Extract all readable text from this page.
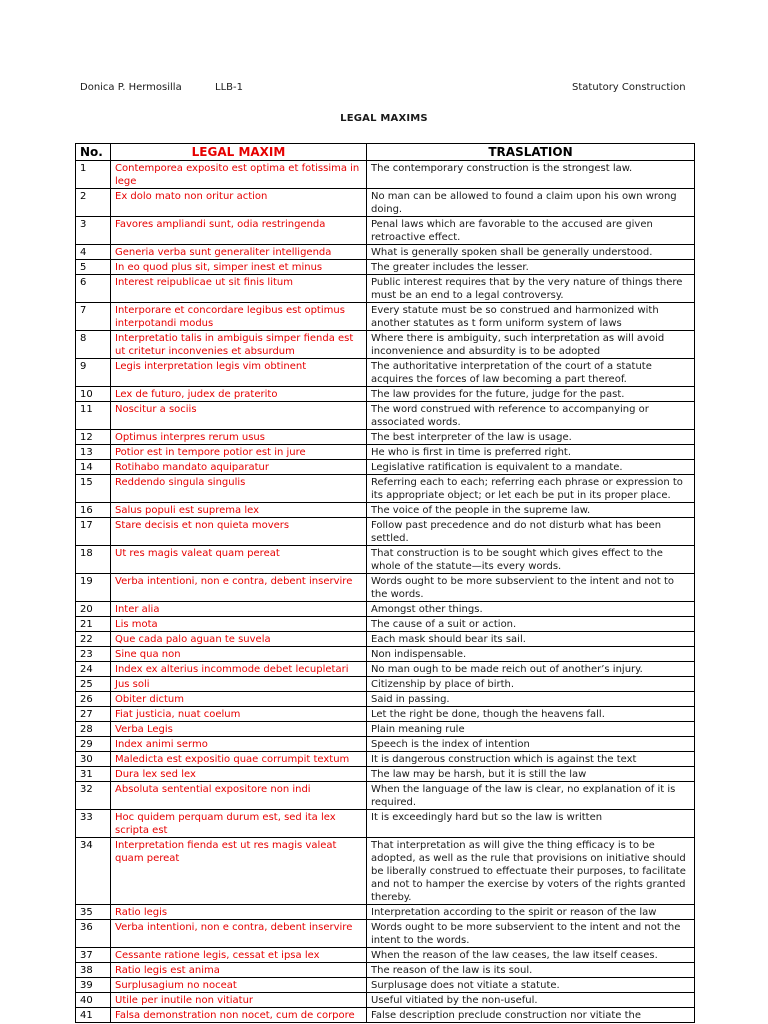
Donica P. Hermosilla	LLB-1	Statutory Construction
LEGAL MAXIMS
No.	LEGAL MAXIM	TRASLATION
1	Contemporea exposito est optima et fotissima in lege	The contemporary construction is the strongest law.
2	Ex dolo mato non oritur action	No man can be allowed to found a claim upon his own wrong doing.
3	Favores ampliandi sunt, odia restringenda	Penal laws which are favorable to the accused are given retroactive effect.
4	Generia verba sunt generaliter intelligenda	What is generally spoken shall be generally understood.
5	In eo quod plus sit, simper inest et minus	The greater includes the lesser.
6	Interest reipublicae ut sit finis litum	Public interest requires that by the very nature of things there must be an end to a legal controversy.
7	Interporare et concordare legibus est optimus interpotandi modus	Every statute must be so construed and harmonized with another statutes as t form uniform system of laws
8	Interpretatio talis in ambiguis simper fienda est ut critetur inconvenies et absurdum	Where there is ambiguity, such interpretation as will avoid inconvenience and absurdity is to be adopted
9	Legis interpretation legis vim obtinent	The authoritative interpretation of the court of a statute acquires the forces of law becoming a part thereof.
10	Lex de futuro, judex de praterito	The law provides for the future, judge for the past.
11	Noscitur a sociis	The word construed with reference to accompanying or associated words.
12	Optimus interpres rerum usus	The best interpreter of the law is usage.
13	Potior est in tempore potior est in jure	He who is first in time is preferred right.
14	Rotihabo mandato aquiparatur	Legislative ratification is equivalent to a mandate.
15	Reddendo singula singulis	Referring each to each; referring each phrase or expression to its appropriate object; or let each be put in its proper place.
16	Salus populi est suprema lex	The voice of the people in the supreme law.
17	Stare decisis et non quieta movers	Follow past precedence and do not disturb what has been settled.
18	Ut res magis valeat quam pereat	That construction is to be sought which gives effect to the whole of the statute—its every words.
19	Verba intentioni, non e contra, debent inservire	Words ought to be more subservient to the intent and not to the words.
20	Inter alia	Amongst other things.
21	Lis mota	The cause of a suit or action.
22	Que cada palo aguan te suvela	Each mask should bear its sail.
23	Sine qua non	Non indispensable.
24	Index ex alterius incommode debet lecupletari	No man ough to be made reich out of another’s injury.
25	Jus soli	Citizenship by place of birth.
26	Obiter dictum	Said in passing.
27	Fiat justicia, nuat coelum	Let the right be done, though the heavens fall.
28	Verba Legis	Plain meaning rule
29	Index animi sermo	Speech is the index of intention
30	Maledicta est expositio quae corrumpit textum	It is dangerous construction which is against the text
31	Dura lex sed lex	The law may be harsh, but it is still the law
32	Absoluta sentential expositore non indi	When the language of the law is clear, no explanation of it is required.
33	Hoc quidem perquam durum est, sed ita lex scripta est	It is exceedingly hard but so the law is written
34	Interpretation fienda est ut res magis valeat quam pereat	That interpretation as will give the thing efficacy is to be adopted, as well as the rule that provisions on initiative should be liberally construed to effectuate their purposes, to facilitate and not to hamper the exercise by voters of the rights granted thereby.
35	Ratio legis	Interpretation according to the spirit or reason of the law
36	Verba intentioni, non e contra, debent inservire	Words ought to be more subservient to the intent and not the intent to the words.
37	Cessante ratione legis, cessat et ipsa lex	When the reason of the law ceases, the law itself ceases.
38	Ratio legis est anima	The reason of the law is its soul.
39	Surplusagium no noceat	Surplusage does not vitiate a statute.
40	Utile per inutile non vitiatur	Useful vitiated by the non-useful.
41	Falsa demonstration non nocet, cum de corpore	False description preclude construction nor vitiate the
